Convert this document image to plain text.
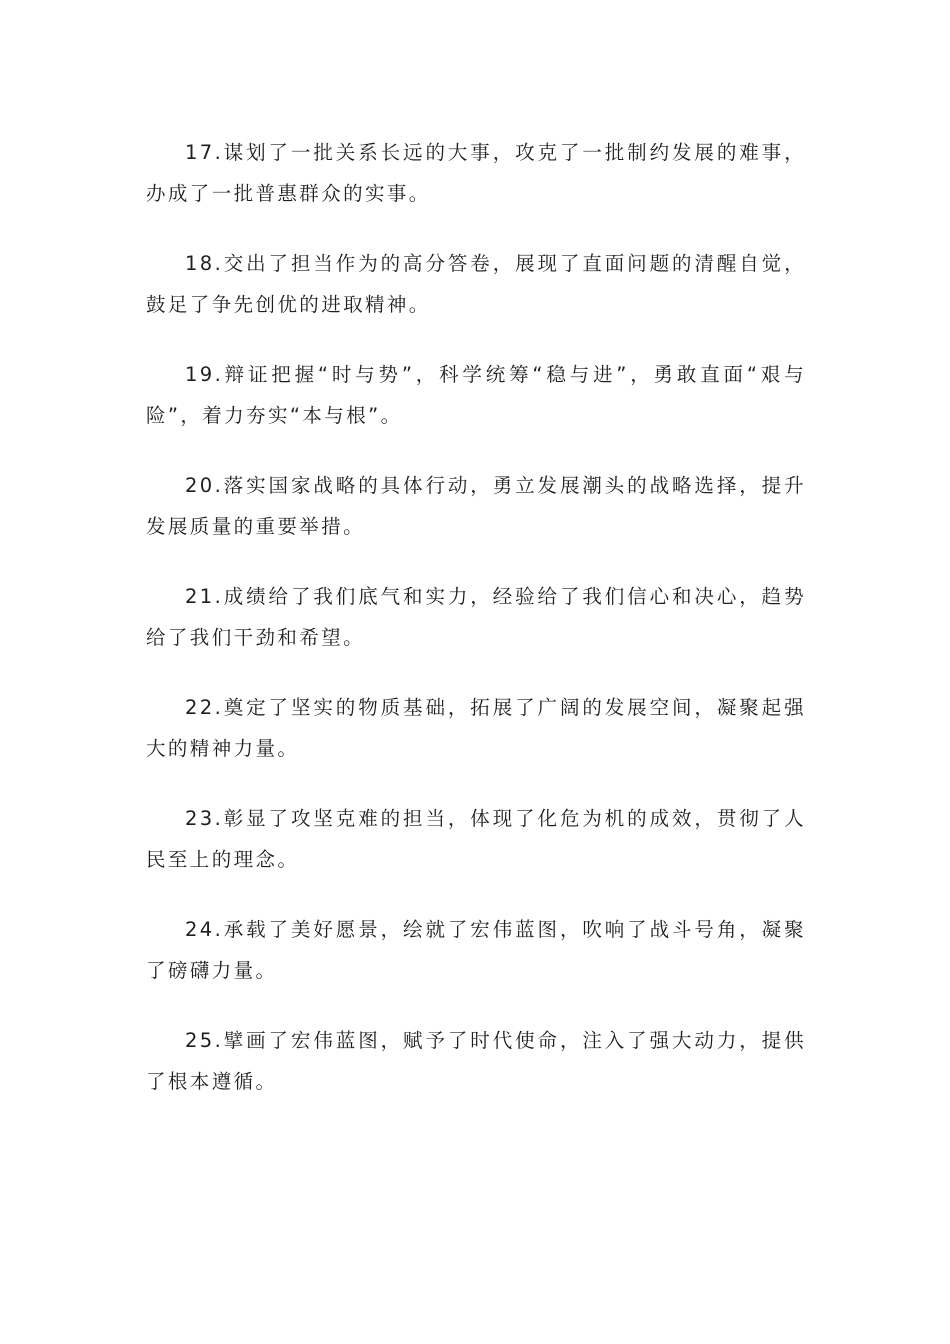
17.谋划了一批关系长远的大事，攻克了一批制约发展的难事，办成了一批普惠群众的实事。

18.交出了担当作为的高分答卷，展现了直面问题的清醒自觉，鼓足了争先创优的进取精神。

19.辩证把握“时与势”，科学统筹“稳与进”，勇敢直面“艰与险”，着力夯实“本与根”。

20.落实国家战略的具体行动，勇立发展潮头的战略选择，提升发展质量的重要举措。

21.成绩给了我们底气和实力，经验给了我们信心和决心，趋势给了我们干劲和希望。

22.奠定了坚实的物质基础，拓展了广阔的发展空间，凝聚起强大的精神力量。

23.彰显了攻坚克难的担当，体现了化危为机的成效，贯彻了人民至上的理念。

24.承载了美好愿景，绘就了宏伟蓝图，吹响了战斗号角，凝聚了磅礴力量。

25.擘画了宏伟蓝图，赋予了时代使命，注入了强大动力，提供了根本遵循。
